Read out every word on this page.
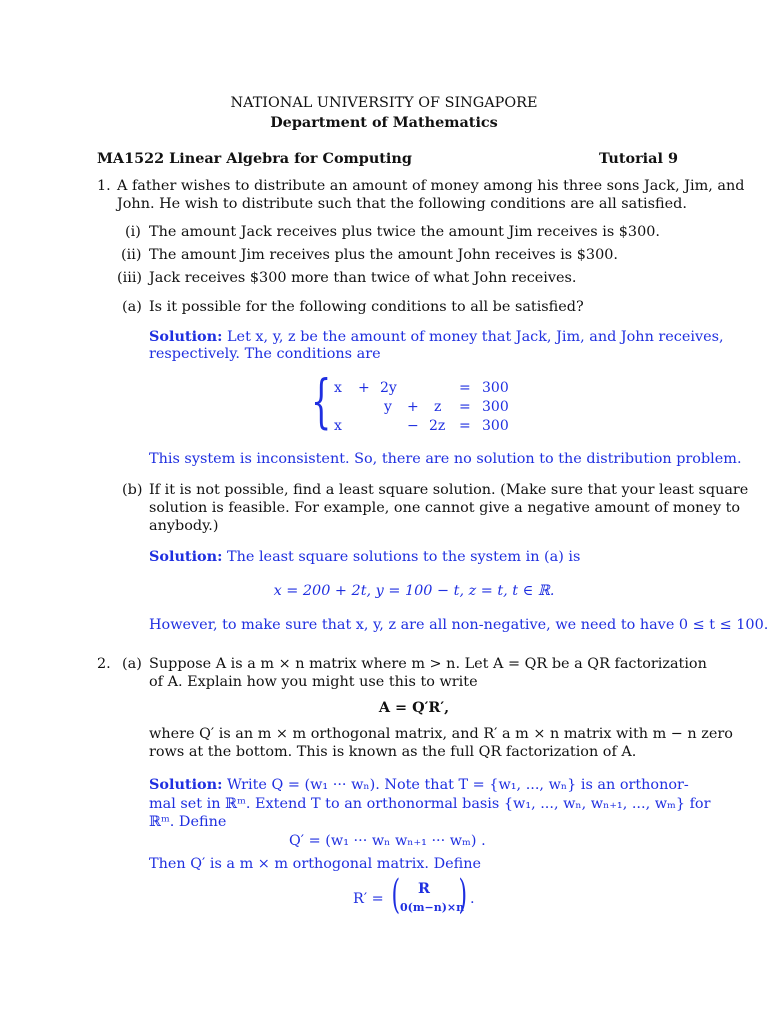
NATIONAL UNIVERSITY OF SINGAPORE
Department of Mathematics
MA1522 Linear Algebra for Computing	Tutorial 9
1. A father wishes to distribute an amount of money among his three sons Jack, Jim, and
John. He wish to distribute such that the following conditions are all satisfied.
(i) The amount Jack receives plus twice the amount Jim receives is $300.
(ii) The amount Jim receives plus the amount John receives is $300.
(iii) Jack receives $300 more than twice of what John receives.
(a) Is it possible for the following conditions to all be satisfied?
Solution: Let x, y, z be the amount of money that Jack, Jim, and John receives,
respectively. The conditions are
{ x + 2y	= 300
y + z = 300
x	− 2z = 300
This system is inconsistent. So, there are no solution to the distribution problem.
(b) If it is not possible, find a least square solution. (Make sure that your least square
solution is feasible. For example, one cannot give a negative amount of money to
anybody.)
Solution: The least square solutions to the system in (a) is
x = 200 + 2t, y = 100 − t, z = t, t ∈ ℝ.
However, to make sure that x, y, z are all non-negative, we need to have 0 ≤ t ≤ 100.
2. (a) Suppose A is a m × n matrix where m > n. Let A = QR be a QR factorization
of A. Explain how you might use this to write
A = Q′R′,
where Q′ is an m × m orthogonal matrix, and R′ a m × n matrix with m − n zero
rows at the bottom. This is known as the full QR factorization of A.
Solution: Write Q = (w₁ ··· wₙ). Note that T = {w₁, ..., wₙ} is an orthonor-
mal set in ℝᵐ. Extend T to an orthonormal basis {w₁, ..., wₙ, wₙ₊₁, ..., wₘ} for
ℝᵐ. Define
Q′ = (w₁ ··· wₙ wₙ₊₁ ··· wₘ) .
Then Q′ is a m × m orthogonal matrix. Define
R′ = ( R
0(m−n)×n
) .
